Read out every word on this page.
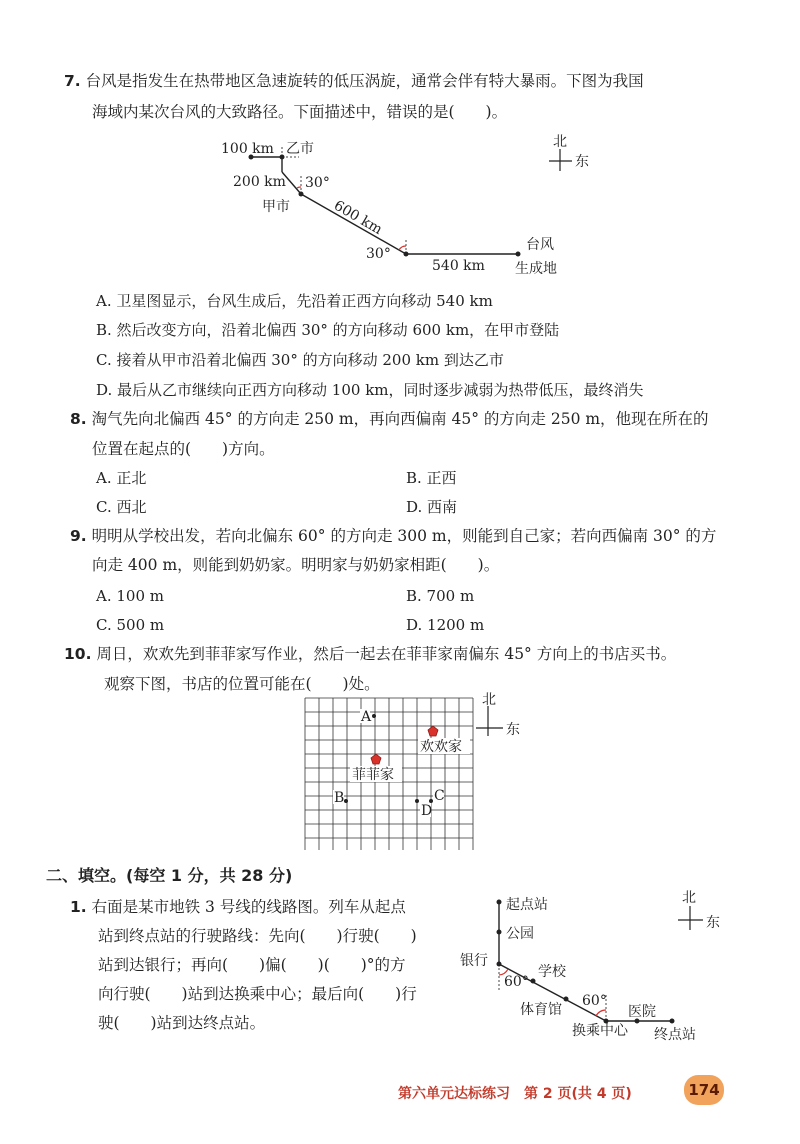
7. 台风是指发生在热带地区急速旋转的低压涡旋，通常会伴有特大暴雨。下图为我国
海域内某次台风的大致路径。下面描述中，错误的是(　　)。
北
东
100 km 乙市
200 km 30°
甲市	600 km
30°
540 km
台风
生成地
A. 卫星图显示，台风生成后，先沿着正西方向移动 540 km
B. 然后改变方向，沿着北偏西 30° 的方向移动 600 km，在甲市登陆
C. 接着从甲市沿着北偏西 30° 的方向移动 200 km 到达乙市
D. 最后从乙市继续向正西方向移动 100 km，同时逐步减弱为热带低压，最终消失
8. 淘气先向北偏西 45° 的方向走 250 m，再向西偏南 45° 的方向走 250 m，他现在所在的
位置在起点的(　　)方向。
A. 正北	B. 正西
C. 西北	D. 西南
9. 明明从学校出发，若向北偏东 60° 的方向走 300 m，则能到自己家；若向西偏南 30° 的方
向走 400 m，则能到奶奶家。明明家与奶奶家相距(　　)。
A. 100 m	B. 700 m
C. 500 m	D. 1200 m
10. 周日，欢欢先到菲菲家写作业，然后一起去在菲菲家南偏东 45° 方向上的书店买书。
观察下图，书店的位置可能在(　　)处。
北
东
欢欢家
菲菲家
A
B	C
D
二、填空。(每空 1 分，共 28 分)
1. 右面是某市地铁 3 号线的线路图。列车从起点
站到终点站的行驶路线：先向(　　)行驶(　　)
站到达银行；再向(　　)偏(　　)(　　)°的方
向行驶(　　)站到达换乘中心；最后向(　　)行
驶(　　)站到达终点站。
北
东
起点站
公园
银行
学校
60°
体育馆
60°
医院
换乘中心 终点站
第六单元达标练习　第 2 页(共 4 页)	174
